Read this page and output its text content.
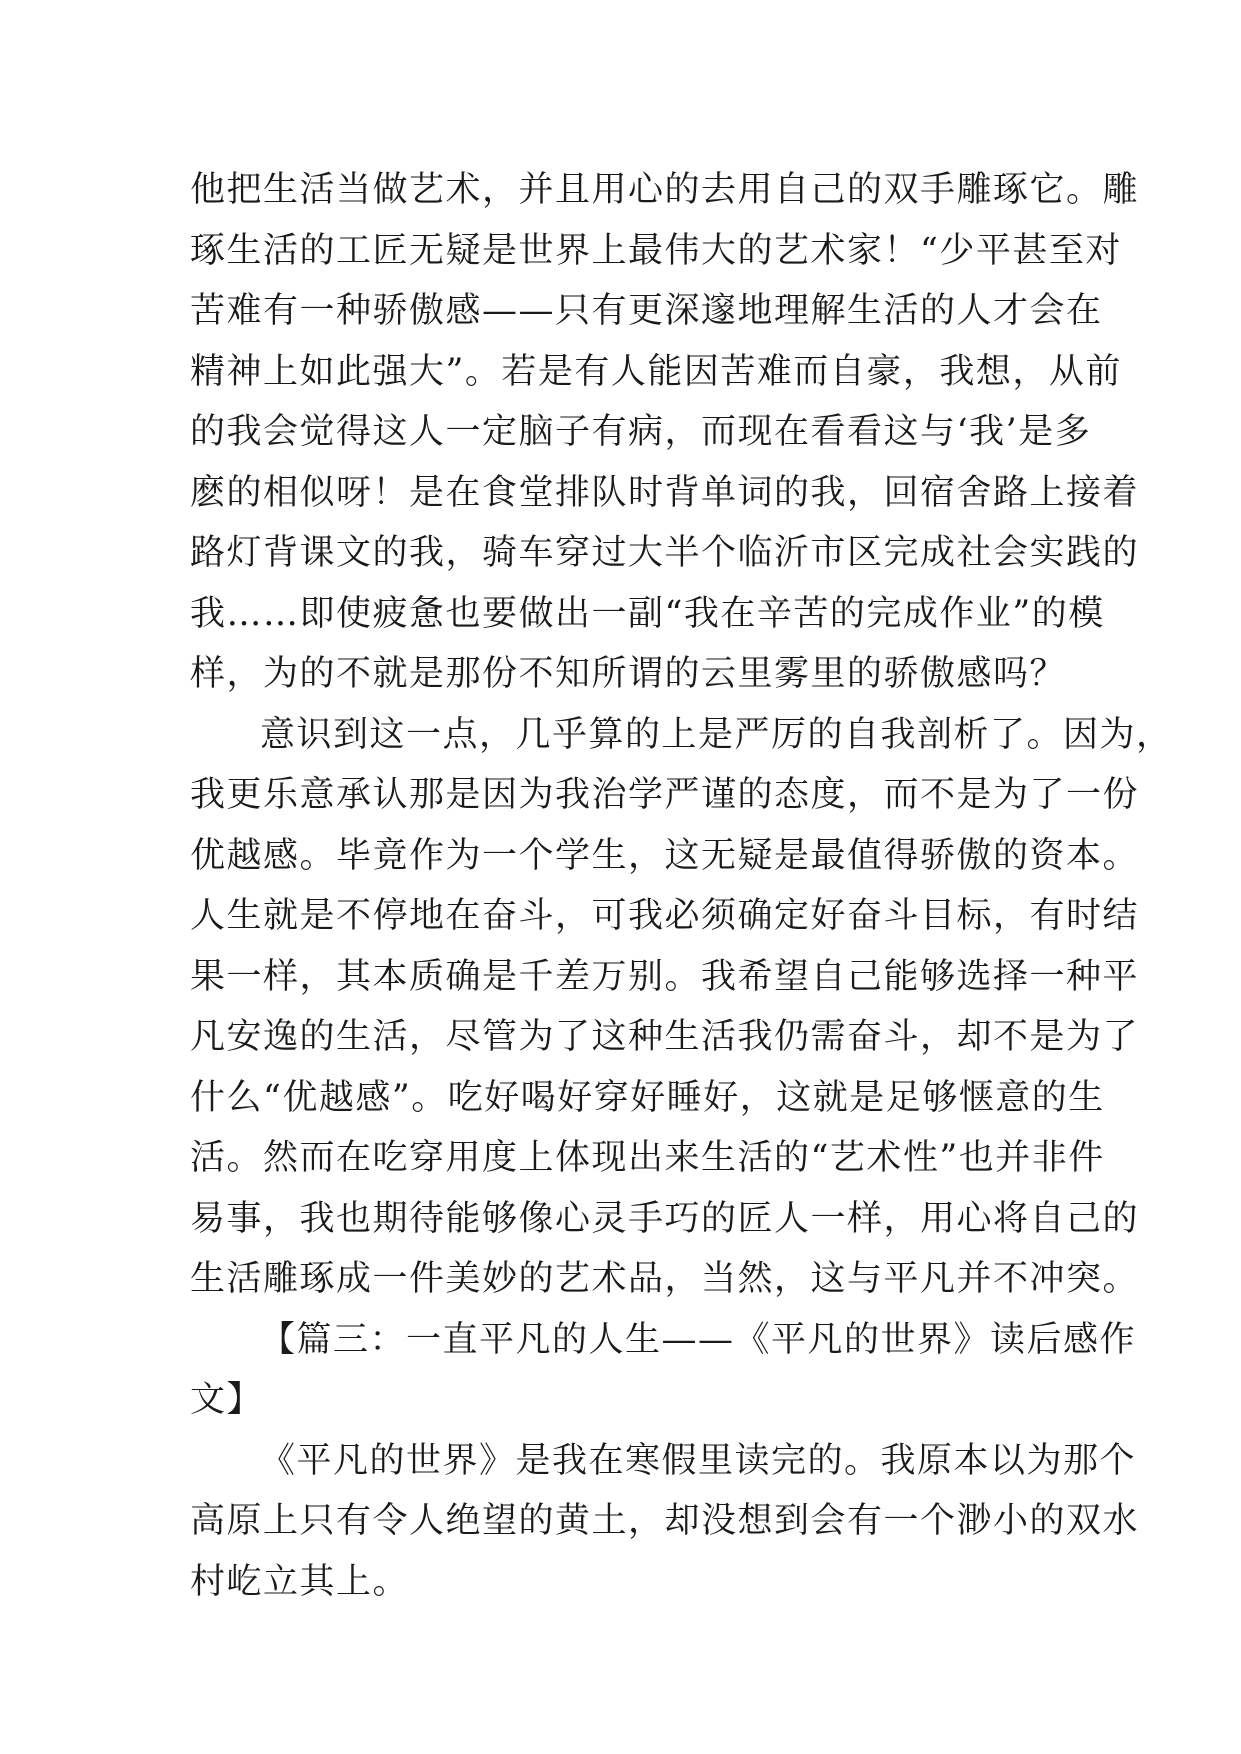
他把生活当做艺术，并且用心的去用自己的双手雕琢它。雕
琢生活的工匠无疑是世界上最伟大的艺术家！“少平甚至对
苦难有一种骄傲感——只有更深邃地理解生活的人才会在
精神上如此强大”。若是有人能因苦难而自豪，我想，从前
的我会觉得这人一定脑子有病，而现在看看这与‘我’是多
麽的相似呀！是在食堂排队时背单词的我，回宿舍路上接着
路灯背课文的我，骑车穿过大半个临沂市区完成社会实践的
我……即使疲惫也要做出一副“我在辛苦的完成作业”的模
样，为的不就是那份不知所谓的云里雾里的骄傲感吗？
意识到这一点，几乎算的上是严厉的自我剖析了。因为，
我更乐意承认那是因为我治学严谨的态度，而不是为了一份
优越感。毕竟作为一个学生，这无疑是最值得骄傲的资本。
人生就是不停地在奋斗，可我必须确定好奋斗目标，有时结
果一样，其本质确是千差万别。我希望自己能够选择一种平
凡安逸的生活，尽管为了这种生活我仍需奋斗，却不是为了
什么“优越感”。吃好喝好穿好睡好，这就是足够惬意的生
活。然而在吃穿用度上体现出来生活的“艺术性”也并非件
易事，我也期待能够像心灵手巧的匠人一样，用心将自己的
生活雕琢成一件美妙的艺术品，当然，这与平凡并不冲突。
【篇三：一直平凡的人生——《平凡的世界》读后感作
文】
《平凡的世界》是我在寒假里读完的。我原本以为那个
高原上只有令人绝望的黄土，却没想到会有一个渺小的双水
村屹立其上。
